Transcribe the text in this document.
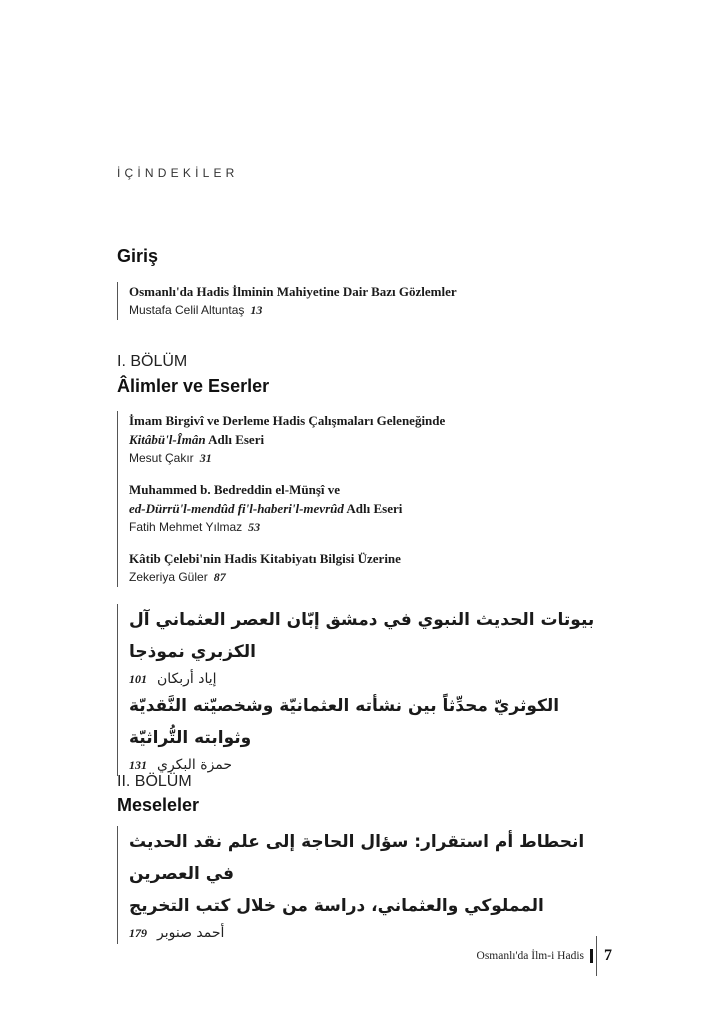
İÇİNDEKİLER
Giriş
Osmanlı'da Hadis İlminin Mahiyetine Dair Bazı Gözlemler
Mustafa Celil Altuntaş 13
I. BÖLÜM
Âlimler ve Eserler
İmam Birgivî ve Derleme Hadis Çalışmaları Geleneğinde
Kitâbü'l-Îmân Adlı Eseri
Mesut Çakır 31
Muhammed b. Bedreddin el-Münşî ve
ed-Dürrü'l-mendûd fi'l-haberi'l-mevrûd Adlı Eseri
Fatih Mehmet Yılmaz 53
Kâtib Çelebi'nin Hadis Kitabiyatı Bilgisi Üzerine
Zekeriya Güler 87
بيوتات الحديث النبوي في دمشق إبّان العصر العثماني آل الكزبري نموذجا
101 إياد أربكان
الكوثريّ محدِّثاً بين نشأته العثمانيّة وشخصيّته النَّقديّة وثوابته التُّراثيّة
131 حمزة البكري
II. BÖLÜM
Meseleler
انحطاط أم استقرار: سؤال الحاجة إلى علم نقد الحديث في العصرين
المملوكي والعثماني، دراسة من خلال كتب التخريج
179 أحمد صنوبر
Osmanlı'da İlm-i Hadis 7
